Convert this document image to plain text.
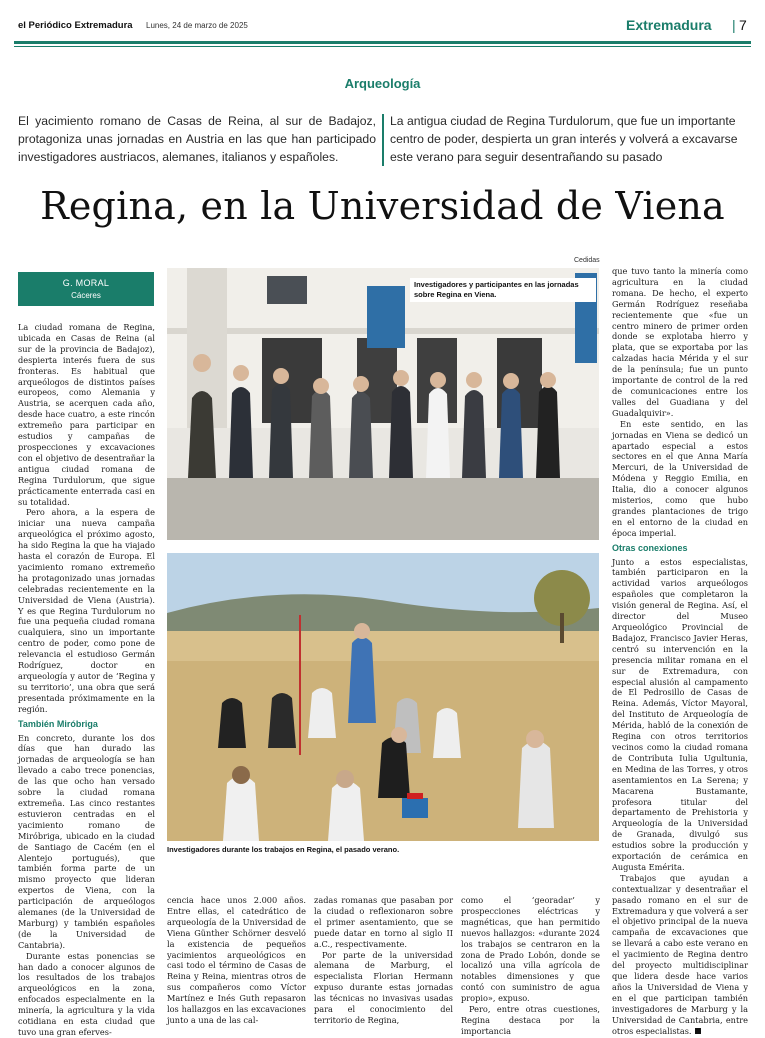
el Periódico Extremadura Lunes, 24 de marzo de 2025	Extremadura | 7
Arqueología
El yacimiento romano de Casas de Reina, al sur de Badajoz, protagoniza unas jornadas en Austria en las que han participado investigadores austriacos, alemanes, italianos y españoles.
La antigua ciudad de Regina Turdulorum, que fue un importante centro de poder, despierta un gran interés y volverá a excavarse este verano para seguir desentrañando su pasado
Regina, en la Universidad de Viena
Cedidas
G. MORAL
Cáceres

La ciudad romana de Regina, ubicada en Casas de Reina (al sur de la provincia de Badajoz), despierta interés fuera de sus fronteras. Es habitual que arqueólogos de distintos países europeos, como Alemania y Austria, se acerquen cada año, desde hace cuatro, a este rincón extremeño para participar en estudios y campañas de prospecciones y excavaciones con el objetivo de desentrañar la antigua ciudad romana de Regina Turdulorum, que sigue prácticamente enterrada casi en su totalidad.

Pero ahora, a la espera de iniciar una nueva campaña arqueológica el próximo agosto, ha sido Regina la que ha viajado hasta el corazón de Europa. El yacimiento romano extremeño ha protagonizado unas jornadas celebradas recientemente en la Universidad de Viena (Austria). Y es que Regina Turdulorum no fue una pequeña ciudad romana cualquiera, sino un importante centro de poder, como pone de relevancia el estudioso Germán Rodríguez, doctor en arqueología y autor de ‘Regina y su territorio’, una obra que será presentada próximamente en la región.

También Miróbriga

En concreto, durante los dos días que han durado las jornadas de arqueología se han llevado a cabo trece ponencias, de las que ocho han versado sobre la ciudad romana extremeña. Las cinco restantes estuvieron centradas en el yacimiento romano de Miróbriga, ubicado en la ciudad de Santiago de Cacém (en el Alentejo portugués), que también forma parte de un mismo proyecto que lideran expertos de Viena, con la participación de arqueólogos alemanes (de la Universidad de Marburg) y también españoles (de la Universidad de Cantabria).

Durante estas ponencias se han dado a conocer algunos de los resultados de los trabajos arqueológicos en la zona, enfocados especialmente en la minería, la agricultura y la vida cotidiana en esta ciudad que tuvo una gran eferves-

Investigadores y participantes en las jornadas sobre Regina en Viena.
Investigadores durante los trabajos en Regina, el pasado verano.

cencia hace unos 2.000 años. Entre ellas, el catedrático de arqueología de la Universidad de Viena Günther Schörner desveló la existencia de pequeños yacimientos arqueológicos en casi todo el término de Casas de Reina y Reina, mientras otros de sus compañeros como Víctor Martínez e Inés Guth repasaron los hallazgos en las excavaciones junto a una de las cal-

zadas romanas que pasaban por la ciudad o reflexionaron sobre el primer asentamiento, que se puede datar en torno al siglo II a.C., respectivamente.

Por parte de la universidad alemana de Marburg, el especialista Florian Hermann expuso durante estas jornadas las técnicas no invasivas usadas para el conocimiento del territorio de Regina,

como el ‘georadar’ y prospecciones eléctricas y magnéticas, que han permitido nuevos hallazgos: «durante 2024 los trabajos se centraron en la zona de Prado Lobón, donde se localizó una villa agrícola de notables dimensiones y que contó con suministro de agua propio», expuso.

Pero, entre otras cuestiones, Regina destaca por la importancia

que tuvo tanto la minería como agricultura en la ciudad romana. De hecho, el experto Germán Rodríguez reseñaba recientemente que «fue un centro minero de primer orden donde se explotaba hierro y plata, que se exportaba por las calzadas hacia Mérida y el sur de la península; fue un punto importante de control de la red de comunicaciones entre los valles del Guadiana y del Guadalquivir».

En este sentido, en las jornadas en Viena se dedicó un apartado especial a estos sectores en el que Anna María Mercuri, de la Universidad de Módena y Reggio Emilia, en Italia, dio a conocer algunos misterios, como que hubo grandes plantaciones de trigo en el entorno de la ciudad en época imperial.

Otras conexiones

Junto a estos especialistas, también participaron en la actividad varios arqueólogos españoles que completaron la visión general de Regina. Así, el director del Museo Arqueológico Provincial de Badajoz, Francisco Javier Heras, centró su intervención en la presencia militar romana en el sur de Extremadura, con especial alusión al campamento de El Pedrosillo de Casas de Reina. Además, Víctor Mayoral, del Instituto de Arqueología de Mérida, habló de la conexión de Regina con otros territorios vecinos como la ciudad romana de Contributa Iulia Ugultunia, en Medina de las Torres, y otros asentamientos en La Serena; y Macarena Bustamante, profesora titular del departamento de Prehistoria y Arqueología de la Universidad de Granada, divulgó sus estudios sobre la producción y exportación de cerámica en Augusta Emérita.

Trabajos que ayudan a contextualizar y desentrañar el pasado romano en el sur de Extremadura y que volverá a ser el objetivo principal de la nueva campaña de excavaciones que se llevará a cabo este verano en el yacimiento de Regina dentro del proyecto multidisciplinar que lidera desde hace varios años la Universidad de Viena y en el que participan también investigadores de Marburg y la Universidad de Cantabria, entre otros especialistas.
